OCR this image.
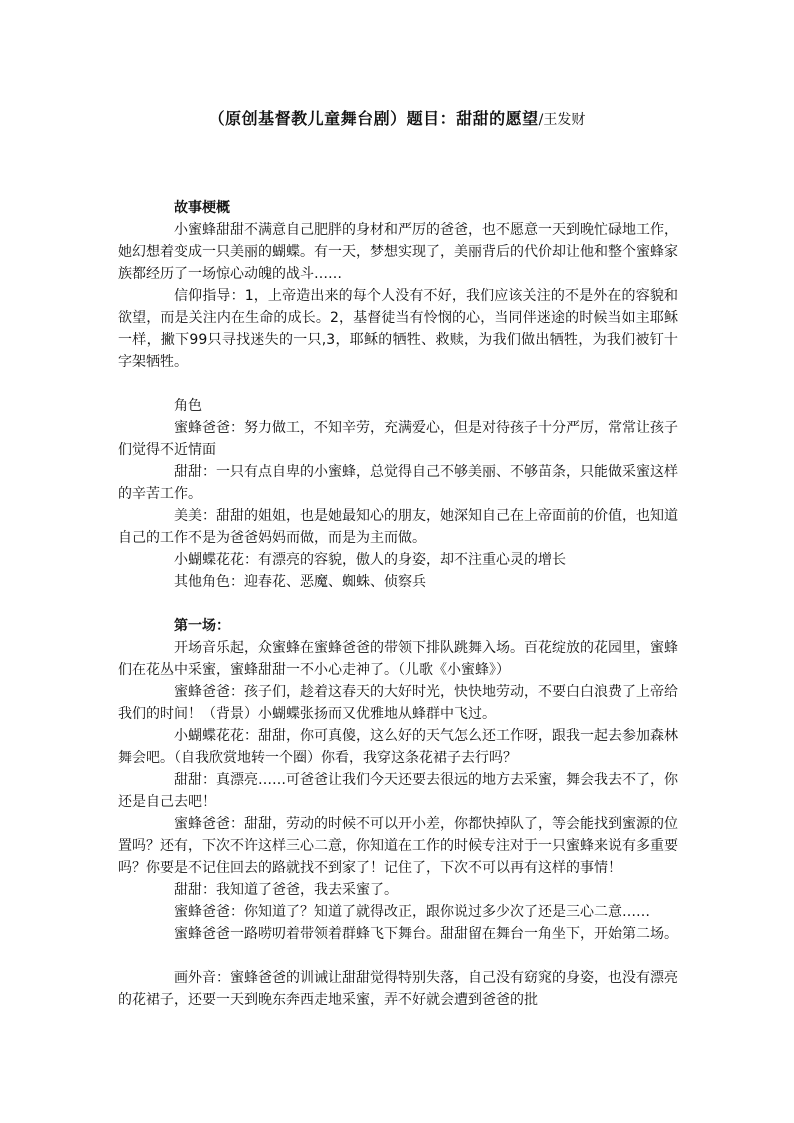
（原创基督教儿童舞台剧）题目：甜甜的愿望/王发财

故事梗概

小蜜蜂甜甜不满意自己肥胖的身材和严厉的爸爸，也不愿意一天到晚忙碌地工作，她幻想着变成一只美丽的蝴蝶。有一天，梦想实现了，美丽背后的代价却让他和整个蜜蜂家族都经历了一场惊心动魄的战斗……

信仰指导：1，上帝造出来的每个人没有不好，我们应该关注的不是外在的容貌和欲望，而是关注内在生命的成长。2，基督徒当有怜悯的心，当同伴迷途的时候当如主耶稣一样，撇下99只寻找迷失的一只,3，耶稣的牺牲、救赎，为我们做出牺牲，为我们被钉十字架牺牲。

角色

蜜蜂爸爸：努力做工，不知辛劳，充满爱心，但是对待孩子十分严厉，常常让孩子们觉得不近情面

甜甜：一只有点自卑的小蜜蜂，总觉得自己不够美丽、不够苗条，只能做采蜜这样的辛苦工作。

美美：甜甜的姐姐，也是她最知心的朋友，她深知自己在上帝面前的价值，也知道自己的工作不是为爸爸妈妈而做，而是为主而做。

小蝴蝶花花：有漂亮的容貌，傲人的身姿，却不注重心灵的增长

其他角色：迎春花、恶魔、蜘蛛、侦察兵

第一场：

开场音乐起，众蜜蜂在蜜蜂爸爸的带领下排队跳舞入场。百花绽放的花园里，蜜蜂们在花丛中采蜜，蜜蜂甜甜一不小心走神了。（儿歌《小蜜蜂》）

蜜蜂爸爸：孩子们，趁着这春天的大好时光，快快地劳动，不要白白浪费了上帝给我们的时间！（背景）小蝴蝶张扬而又优雅地从蜂群中飞过。

小蝴蝶花花：甜甜，你可真傻，这么好的天气怎么还工作呀，跟我一起去参加森林舞会吧。（自我欣赏地转一个圈）你看，我穿这条花裙子去行吗？

甜甜：真漂亮……可爸爸让我们今天还要去很远的地方去采蜜，舞会我去不了，你还是自己去吧！

蜜蜂爸爸：甜甜，劳动的时候不可以开小差，你都快掉队了，等会能找到蜜源的位置吗？还有，下次不许这样三心二意，你知道在工作的时候专注对于一只蜜蜂来说有多重要吗？你要是不记住回去的路就找不到家了！记住了，下次不可以再有这样的事情！

甜甜：我知道了爸爸，我去采蜜了。

蜜蜂爸爸：你知道了？知道了就得改正，跟你说过多少次了还是三心二意……

蜜蜂爸爸一路唠叨着带领着群蜂飞下舞台。甜甜留在舞台一角坐下，开始第二场。

画外音：蜜蜂爸爸的训诫让甜甜觉得特别失落，自己没有窈窕的身姿，也没有漂亮的花裙子，还要一天到晚东奔西走地采蜜，弄不好就会遭到爸爸的批
